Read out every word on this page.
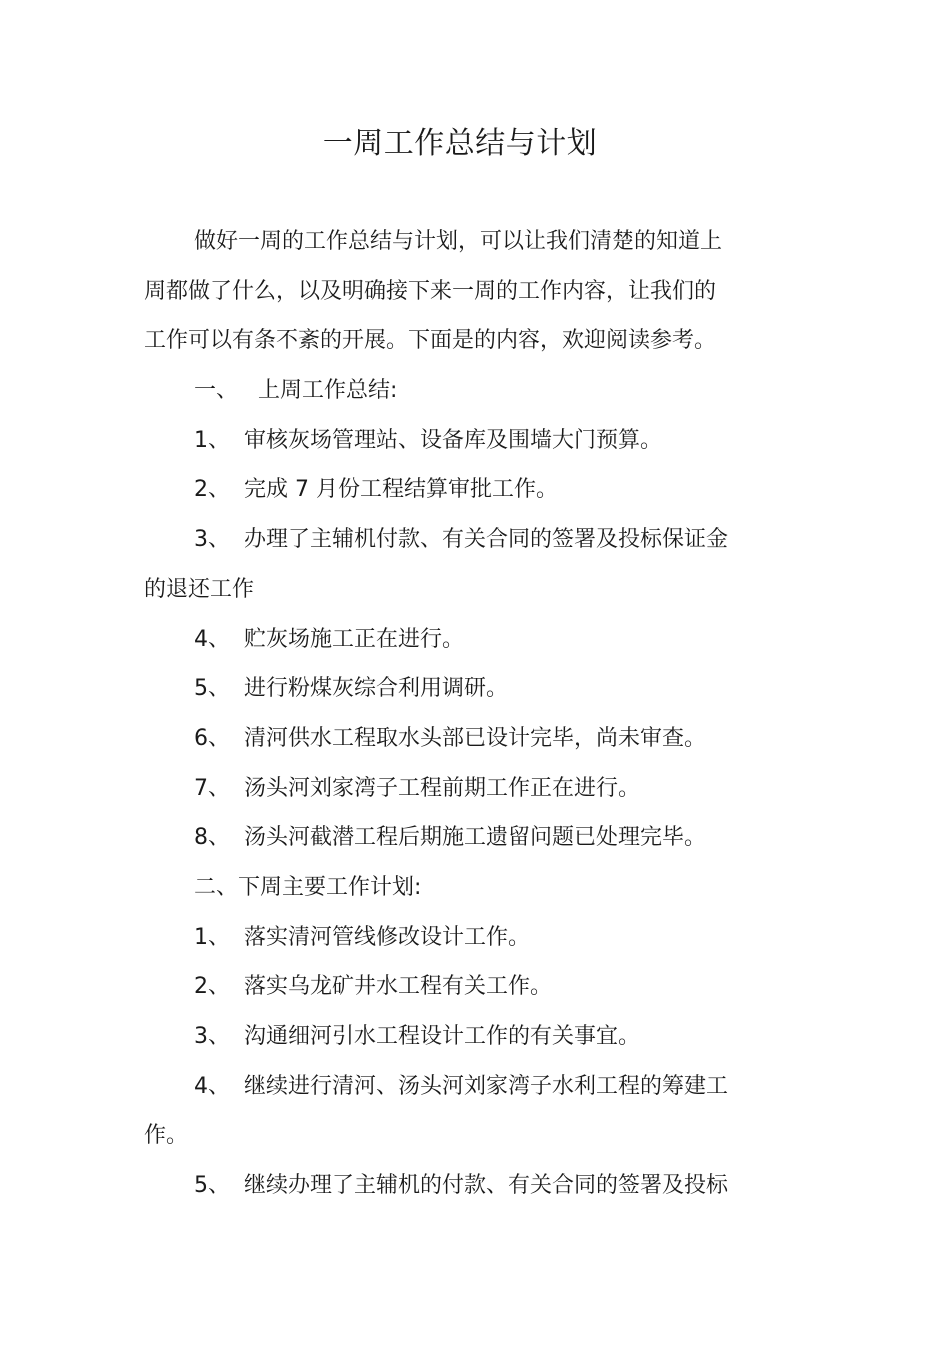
一周工作总结与计划
做好一周的工作总结与计划，可以让我们清楚的知道上
周都做了什么，以及明确接下来一周的工作内容，让我们的
工作可以有条不紊的开展。下面是的内容，欢迎阅读参考。
一、 上周工作总结:
1、 审核灰场管理站、设备库及围墙大门预算。
2、 完成 7 月份工程结算审批工作。
3、 办理了主辅机付款、有关合同的签署及投标保证金
的退还工作
4、 贮灰场施工正在进行。
5、 进行粉煤灰综合利用调研。
6、 清河供水工程取水头部已设计完毕，尚未审查。
7、 汤头河刘家湾子工程前期工作正在进行。
8、 汤头河截潜工程后期施工遗留问题已处理完毕。
二、下周主要工作计划:
1、 落实清河管线修改设计工作。
2、 落实乌龙矿井水工程有关工作。
3、 沟通细河引水工程设计工作的有关事宜。
4、 继续进行清河、汤头河刘家湾子水利工程的筹建工
作。
5、 继续办理了主辅机的付款、有关合同的签署及投标
